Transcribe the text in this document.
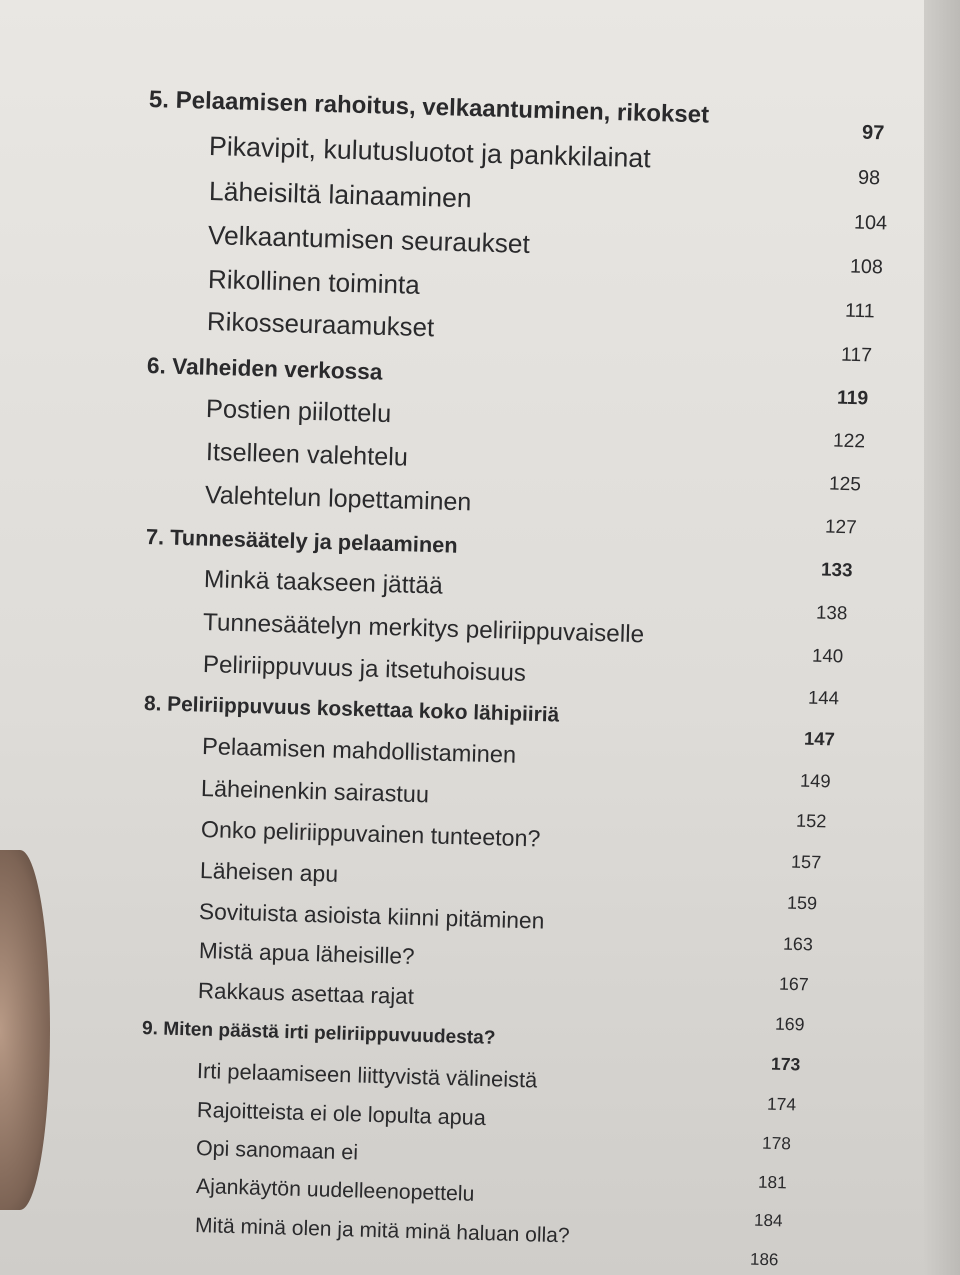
5. Pelaamisen rahoitus, velkaantuminen, rikokset
97
Pikavipit, kulutusluotot ja pankkilainat
98
Läheisiltä lainaaminen
104
Velkaantumisen seuraukset
108
Rikollinen toiminta
111
Rikosseuraamukset
117
6. Valheiden verkossa
119
Postien piilottelu
122
Itselleen valehtelu
125
Valehtelun lopettaminen
127
7. Tunnesäätely ja pelaaminen
133
Minkä taakseen jättää
138
Tunnesäätelyn merkitys peliriippuvaiselle
140
Peliriippuvuus ja itsetuhoisuus
144
8. Peliriippuvuus koskettaa koko lähipiiriä
147
Pelaamisen mahdollistaminen
149
Läheinenkin sairastuu
152
Onko peliriippuvainen tunteeton?
157
Läheisen apu
159
Sovituista asioista kiinni pitäminen
163
Mistä apua läheisille?
167
Rakkaus asettaa rajat
169
9. Miten päästä irti peliriippuvuudesta?
173
Irti pelaamiseen liittyvistä välineistä
174
Rajoitteista ei ole lopulta apua
178
Opi sanomaan ei
181
Ajankäytön uudelleenopettelu
184
Mitä minä olen ja mitä minä haluan olla?
186
